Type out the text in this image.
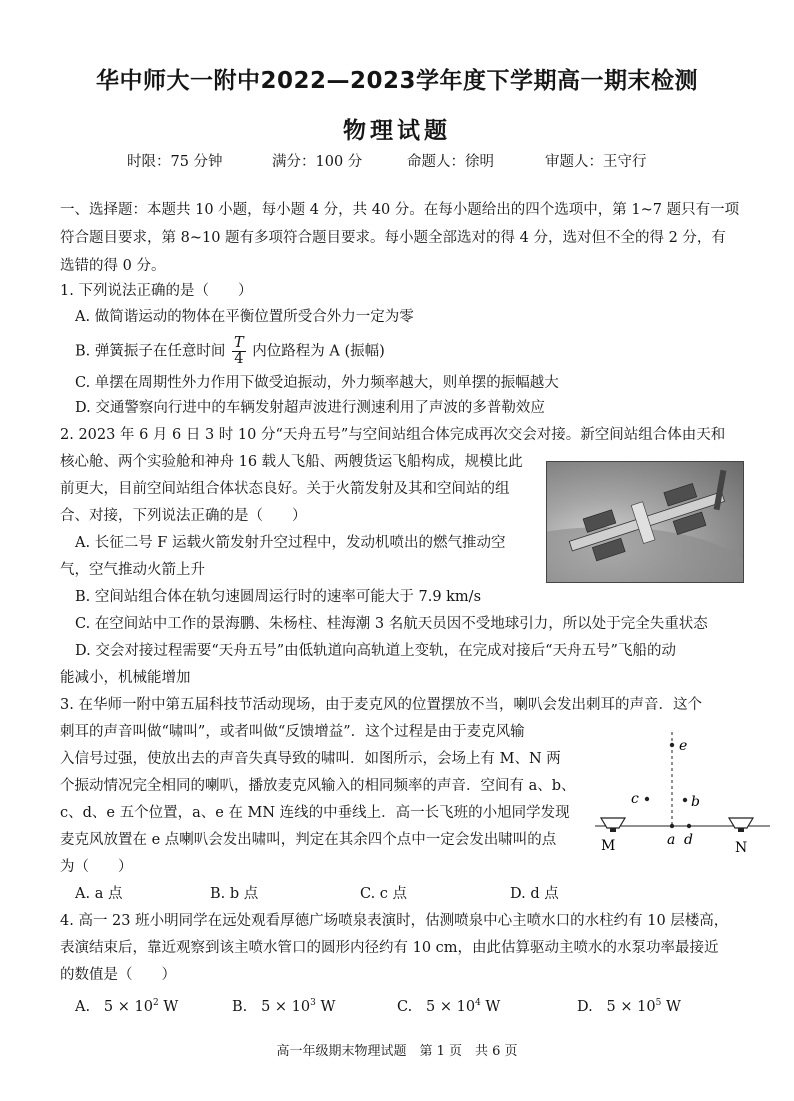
华中师大一附中2022—2023学年度下学期高一期末检测
物理试题
时限：75 分钟	满分：100 分	命题人：徐明	审题人：王守行
一、选择题：本题共 10 小题，每小题 4 分，共 40 分。在每小题给出的四个选项中，第 1~7 题只有一项
符合题目要求，第 8~10 题有多项符合题目要求。每小题全部选对的得 4 分，选对但不全的得 2 分，有
选错的得 0 分。
1. 下列说法正确的是（　　）
A. 做简谐运动的物体在平衡位置所受合外力一定为零
B. 弹簧振子在任意时间 $\frac{T}{4}$ 内位路程为 A (振幅)
C. 单摆在周期性外力作用下做受迫振动，外力频率越大，则单摆的振幅越大
D. 交通警察向行进中的车辆发射超声波进行测速利用了声波的多普勒效应
2. 2023 年 6 月 6 日 3 时 10 分“天舟五号”与空间站组合体完成再次交会对接。新空间站组合体由天和
核心舱、两个实验舱和神舟 16 载人飞船、两艘货运飞船构成，规模比此
前更大，目前空间站组合体状态良好。关于火箭发射及其和空间站的组
合、对接，下列说法正确的是（　　）
A. 长征二号 F 运载火箭发射升空过程中，发动机喷出的燃气推动空
气，空气推动火箭上升
B. 空间站组合体在轨匀速圆周运行时的速率可能大于 7.9 km/s
C. 在空间站中工作的景海鹏、朱杨柱、桂海潮 3 名航天员因不受地球引力，所以处于完全失重状态
D. 交会对接过程需要“天舟五号”由低轨道向高轨道上变轨，在完成对接后“天舟五号”飞船的动
能减小，机械能增加
3. 在华师一附中第五届科技节活动现场，由于麦克风的位置摆放不当，喇叭会发出刺耳的声音．这个
刺耳的声音叫做“啸叫”，或者叫做“反馈增益”．这个过程是由于麦克风输
入信号过强，使放出去的声音失真导致的啸叫．如图所示，会场上有 M、N 两
个振动情况完全相同的喇叭，播放麦克风输入的相同频率的声音．空间有 a、b、
c、d、e 五个位置，a、e 在 MN 连线的中垂线上．高一长飞班的小旭同学发现
麦克风放置在 e 点喇叭会发出啸叫，判定在其余四个点中一定会发出啸叫的点
为（　　）
A. a 点	B. b 点	C. c 点	D. d 点
e
c	b
a d
M	N
4. 高一 23 班小明同学在远处观看厚德广场喷泉表演时，估测喷泉中心主喷水口的水柱约有 10 层楼高，
表演结束后，靠近观察到该主喷水管口的圆形内径约有 10 cm，由此估算驱动主喷水的水泵功率最接近
的数值是（　　）
A. $5 \times 10^2$ W	B. $5 \times 10^3$ W	C. $5 \times 10^4$ W	D. $5 \times 10^5$ W
高一年级期末物理试题　第 1 页　共 6 页
